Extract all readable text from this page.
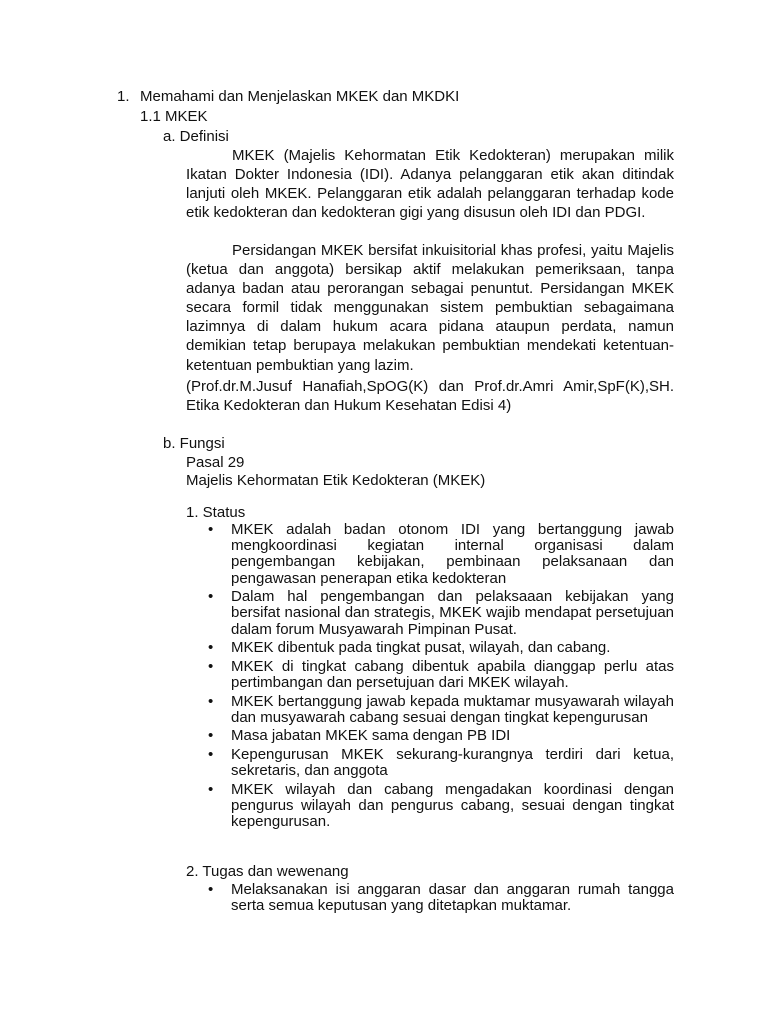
1. Memahami dan Menjelaskan MKEK dan MKDKI
1.1 MKEK
a. Definisi

MKEK (Majelis Kehormatan Etik Kedokteran) merupakan milik Ikatan Dokter Indonesia (IDI). Adanya pelanggaran etik akan ditindak lanjuti oleh MKEK. Pelanggaran etik adalah pelanggaran terhadap kode etik kedokteran dan kedokteran gigi yang disusun oleh IDI dan PDGI.

Persidangan MKEK bersifat inkuisitorial khas profesi, yaitu Majelis (ketua dan anggota) bersikap aktif melakukan pemeriksaan, tanpa adanya badan atau perorangan sebagai penuntut. Persidangan MKEK secara formil tidak menggunakan sistem pembuktian sebagaimana lazimnya di dalam hukum acara pidana ataupun perdata, namun demikian tetap berupaya melakukan pembuktian mendekati ketentuan-ketentuan pembuktian yang lazim.

(Prof.dr.M.Jusuf Hanafiah,SpOG(K) dan Prof.dr.Amri Amir,SpF(K),SH. Etika Kedokteran dan Hukum Kesehatan Edisi 4)

b. Fungsi
Pasal 29
Majelis Kehormatan Etik Kedokteran (MKEK)
1. Status
• MKEK adalah badan otonom IDI yang bertanggung jawab mengkoordinasi kegiatan internal organisasi dalam pengembangan kebijakan, pembinaan pelaksanaan dan pengawasan penerapan etika kedokteran
• Dalam hal pengembangan dan pelaksaaan kebijakan yang bersifat nasional dan strategis, MKEK wajib mendapat persetujuan dalam forum Musyawarah Pimpinan Pusat.
• MKEK dibentuk pada tingkat pusat, wilayah, dan cabang.
• MKEK di tingkat cabang dibentuk apabila dianggap perlu atas pertimbangan dan persetujuan dari MKEK wilayah.
• MKEK bertanggung jawab kepada muktamar musyawarah wilayah dan musyawarah cabang sesuai dengan tingkat kepengurusan
• Masa jabatan MKEK sama dengan PB IDI
• Kepengurusan MKEK sekurang-kurangnya terdiri dari ketua, sekretaris, dan anggota
• MKEK wilayah dan cabang mengadakan koordinasi dengan pengurus wilayah dan pengurus cabang, sesuai dengan tingkat kepengurusan.
2. Tugas dan wewenang
• Melaksanakan isi anggaran dasar dan anggaran rumah tangga serta semua keputusan yang ditetapkan muktamar.
